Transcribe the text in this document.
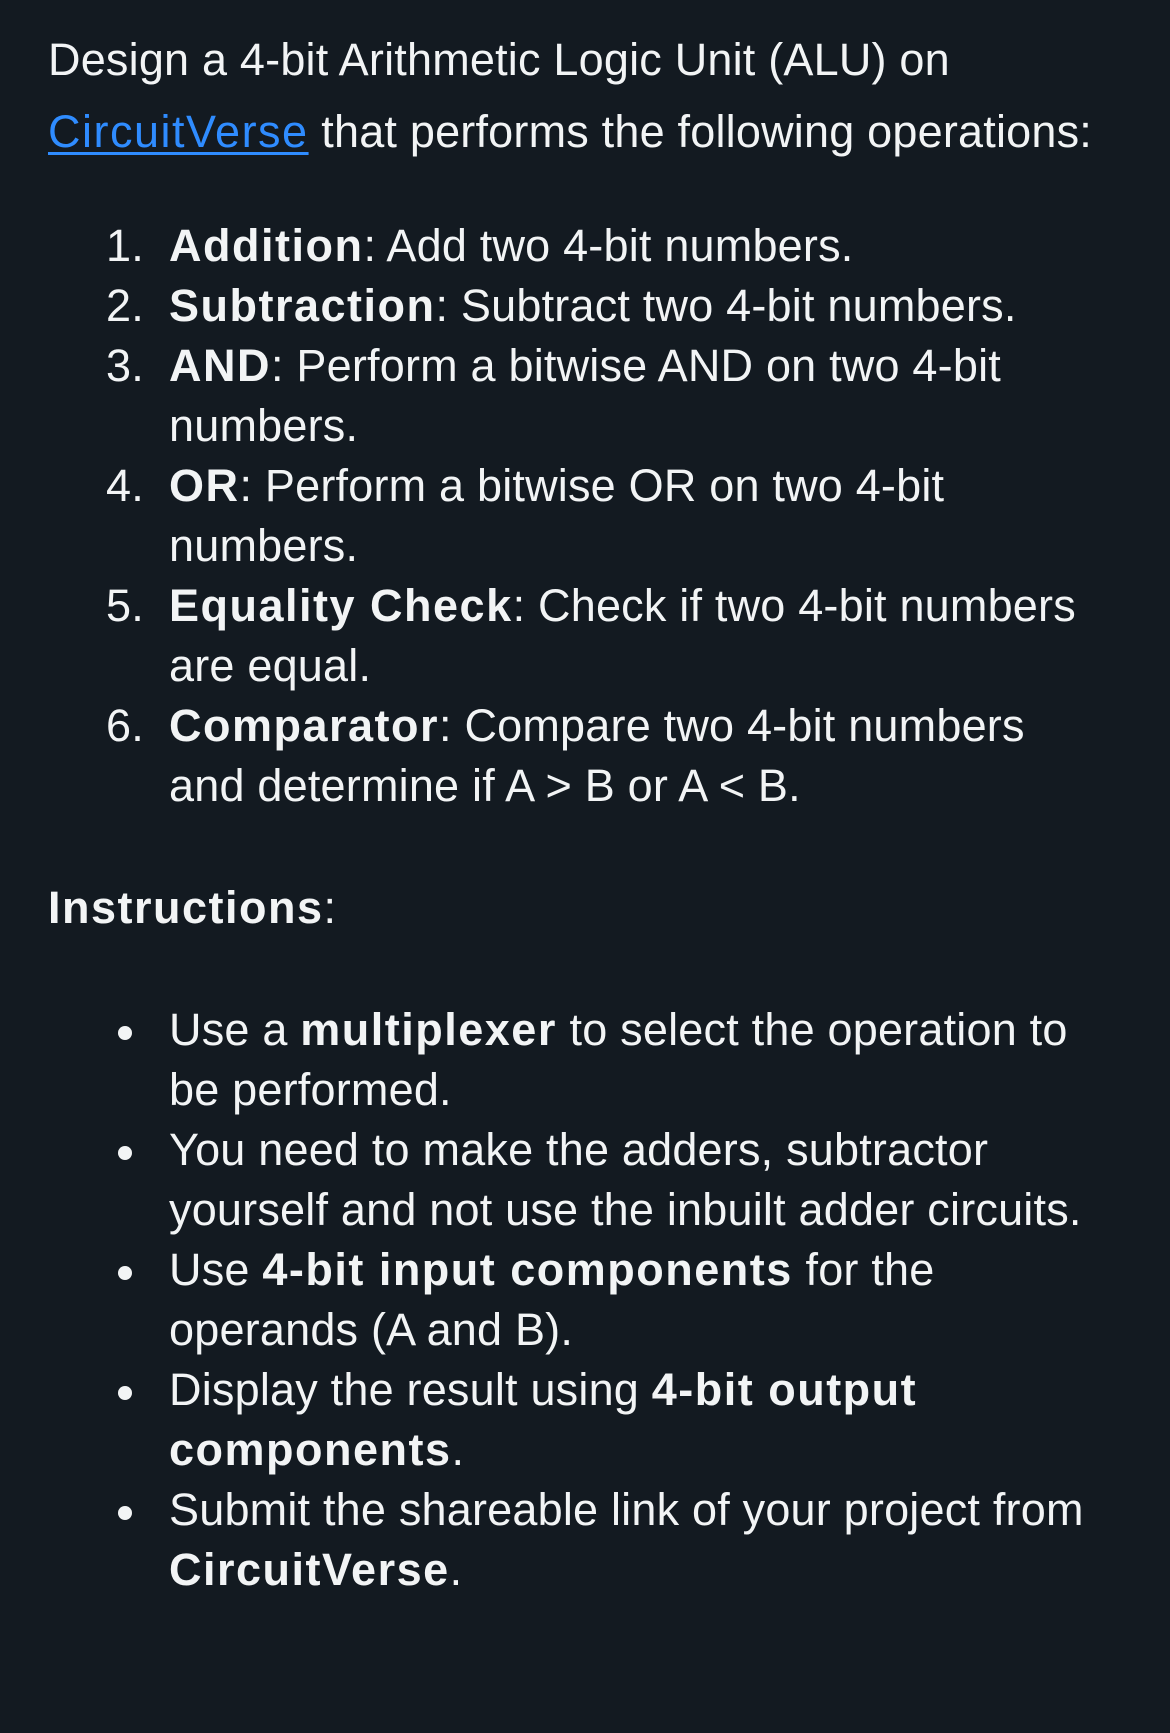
Design a 4-bit Arithmetic Logic Unit (ALU) on CircuitVerse that performs the following operations:

1. Addition: Add two 4-bit numbers.
2. Subtraction: Subtract two 4-bit numbers.
3. AND: Perform a bitwise AND on two 4-bit numbers.
4. OR: Perform a bitwise OR on two 4-bit numbers.
5. Equality Check: Check if two 4-bit numbers are equal.
6. Comparator: Compare two 4-bit numbers and determine if A > B or A < B.

Instructions:

Use a multiplexer to select the operation to be performed.
You need to make the adders, subtractor yourself and not use the inbuilt adder circuits.
Use 4-bit input components for the operands (A and B).
Display the result using 4-bit output components.
Submit the shareable link of your project from CircuitVerse.
